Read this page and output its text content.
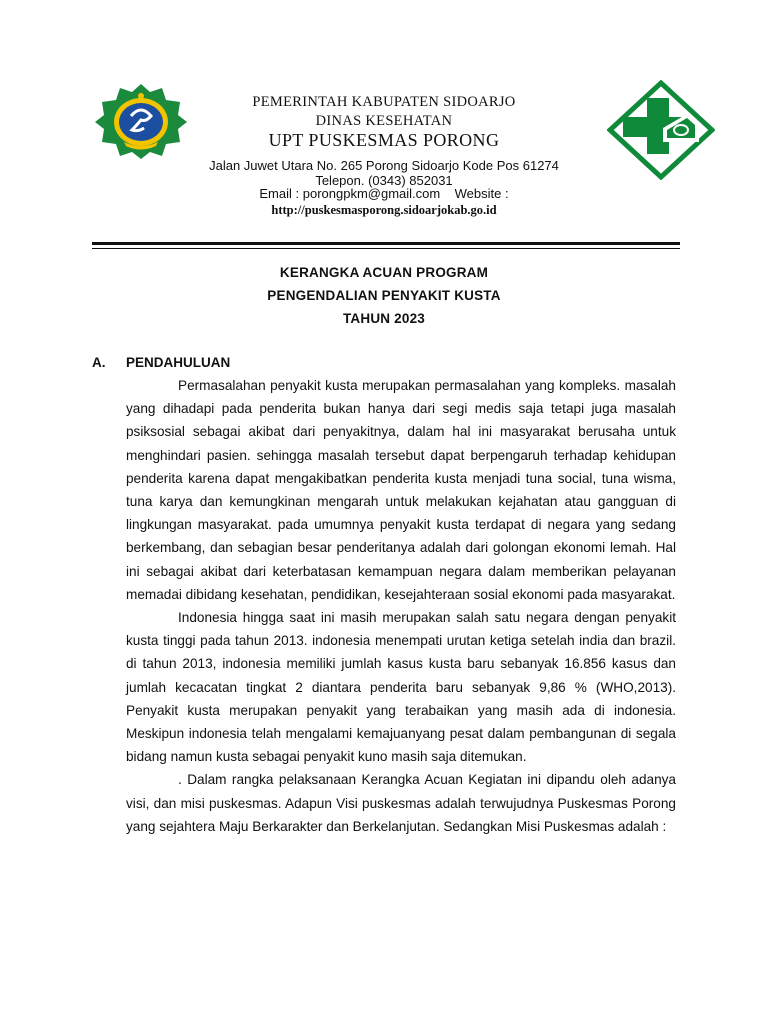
PEMERINTAH KABUPATEN SIDOARJO
DINAS KESEHATAN
UPT PUSKESMAS PORONG
Jalan Juwet Utara No. 265 Porong Sidoarjo Kode Pos 61274
Telepon. (0343) 852031
Email : porongpkm@gmail.com    Website :
http://puskesmasporong.sidoarjokab.go.id
KERANGKA ACUAN PROGRAM
PENGENDALIAN PENYAKIT KUSTA
TAHUN 2023
A. PENDAHULUAN

Permasalahan penyakit kusta merupakan permasalahan yang kompleks. masalah yang dihadapi pada penderita bukan hanya dari segi medis saja tetapi juga masalah psiksosial sebagai akibat dari penyakitnya, dalam hal ini masyarakat berusaha untuk menghindari pasien. sehingga masalah tersebut dapat berpengaruh terhadap kehidupan penderita karena dapat mengakibatkan penderita kusta menjadi tuna social, tuna wisma, tuna karya dan kemungkinan mengarah untuk melakukan kejahatan atau gangguan di lingkungan masyarakat. pada umumnya penyakit kusta terdapat di negara yang sedang berkembang, dan sebagian besar penderitanya adalah dari golongan ekonomi lemah. Hal ini sebagai akibat dari keterbatasan kemampuan negara dalam memberikan pelayanan memadai dibidang kesehatan, pendidikan, kesejahteraan sosial ekonomi pada masyarakat.

Indonesia hingga saat ini masih merupakan salah satu negara dengan penyakit kusta tinggi pada tahun 2013. indonesia menempati urutan ketiga setelah india dan brazil. di tahun 2013, indonesia memiliki jumlah kasus kusta baru sebanyak 16.856 kasus dan jumlah kecacatan tingkat 2 diantara penderita baru sebanyak 9,86 % (WHO,2013). Penyakit kusta merupakan penyakit yang terabaikan yang masih ada di indonesia. Meskipun indonesia telah mengalami kemajuanyang pesat dalam pembangunan di segala bidang namun kusta sebagai penyakit kuno masih saja ditemukan.

. Dalam rangka pelaksanaan Kerangka Acuan Kegiatan ini dipandu oleh adanya visi, dan misi puskesmas. Adapun Visi puskesmas adalah terwujudnya Puskesmas Porong yang sejahtera Maju Berkarakter dan Berkelanjutan. Sedangkan Misi Puskesmas adalah :
